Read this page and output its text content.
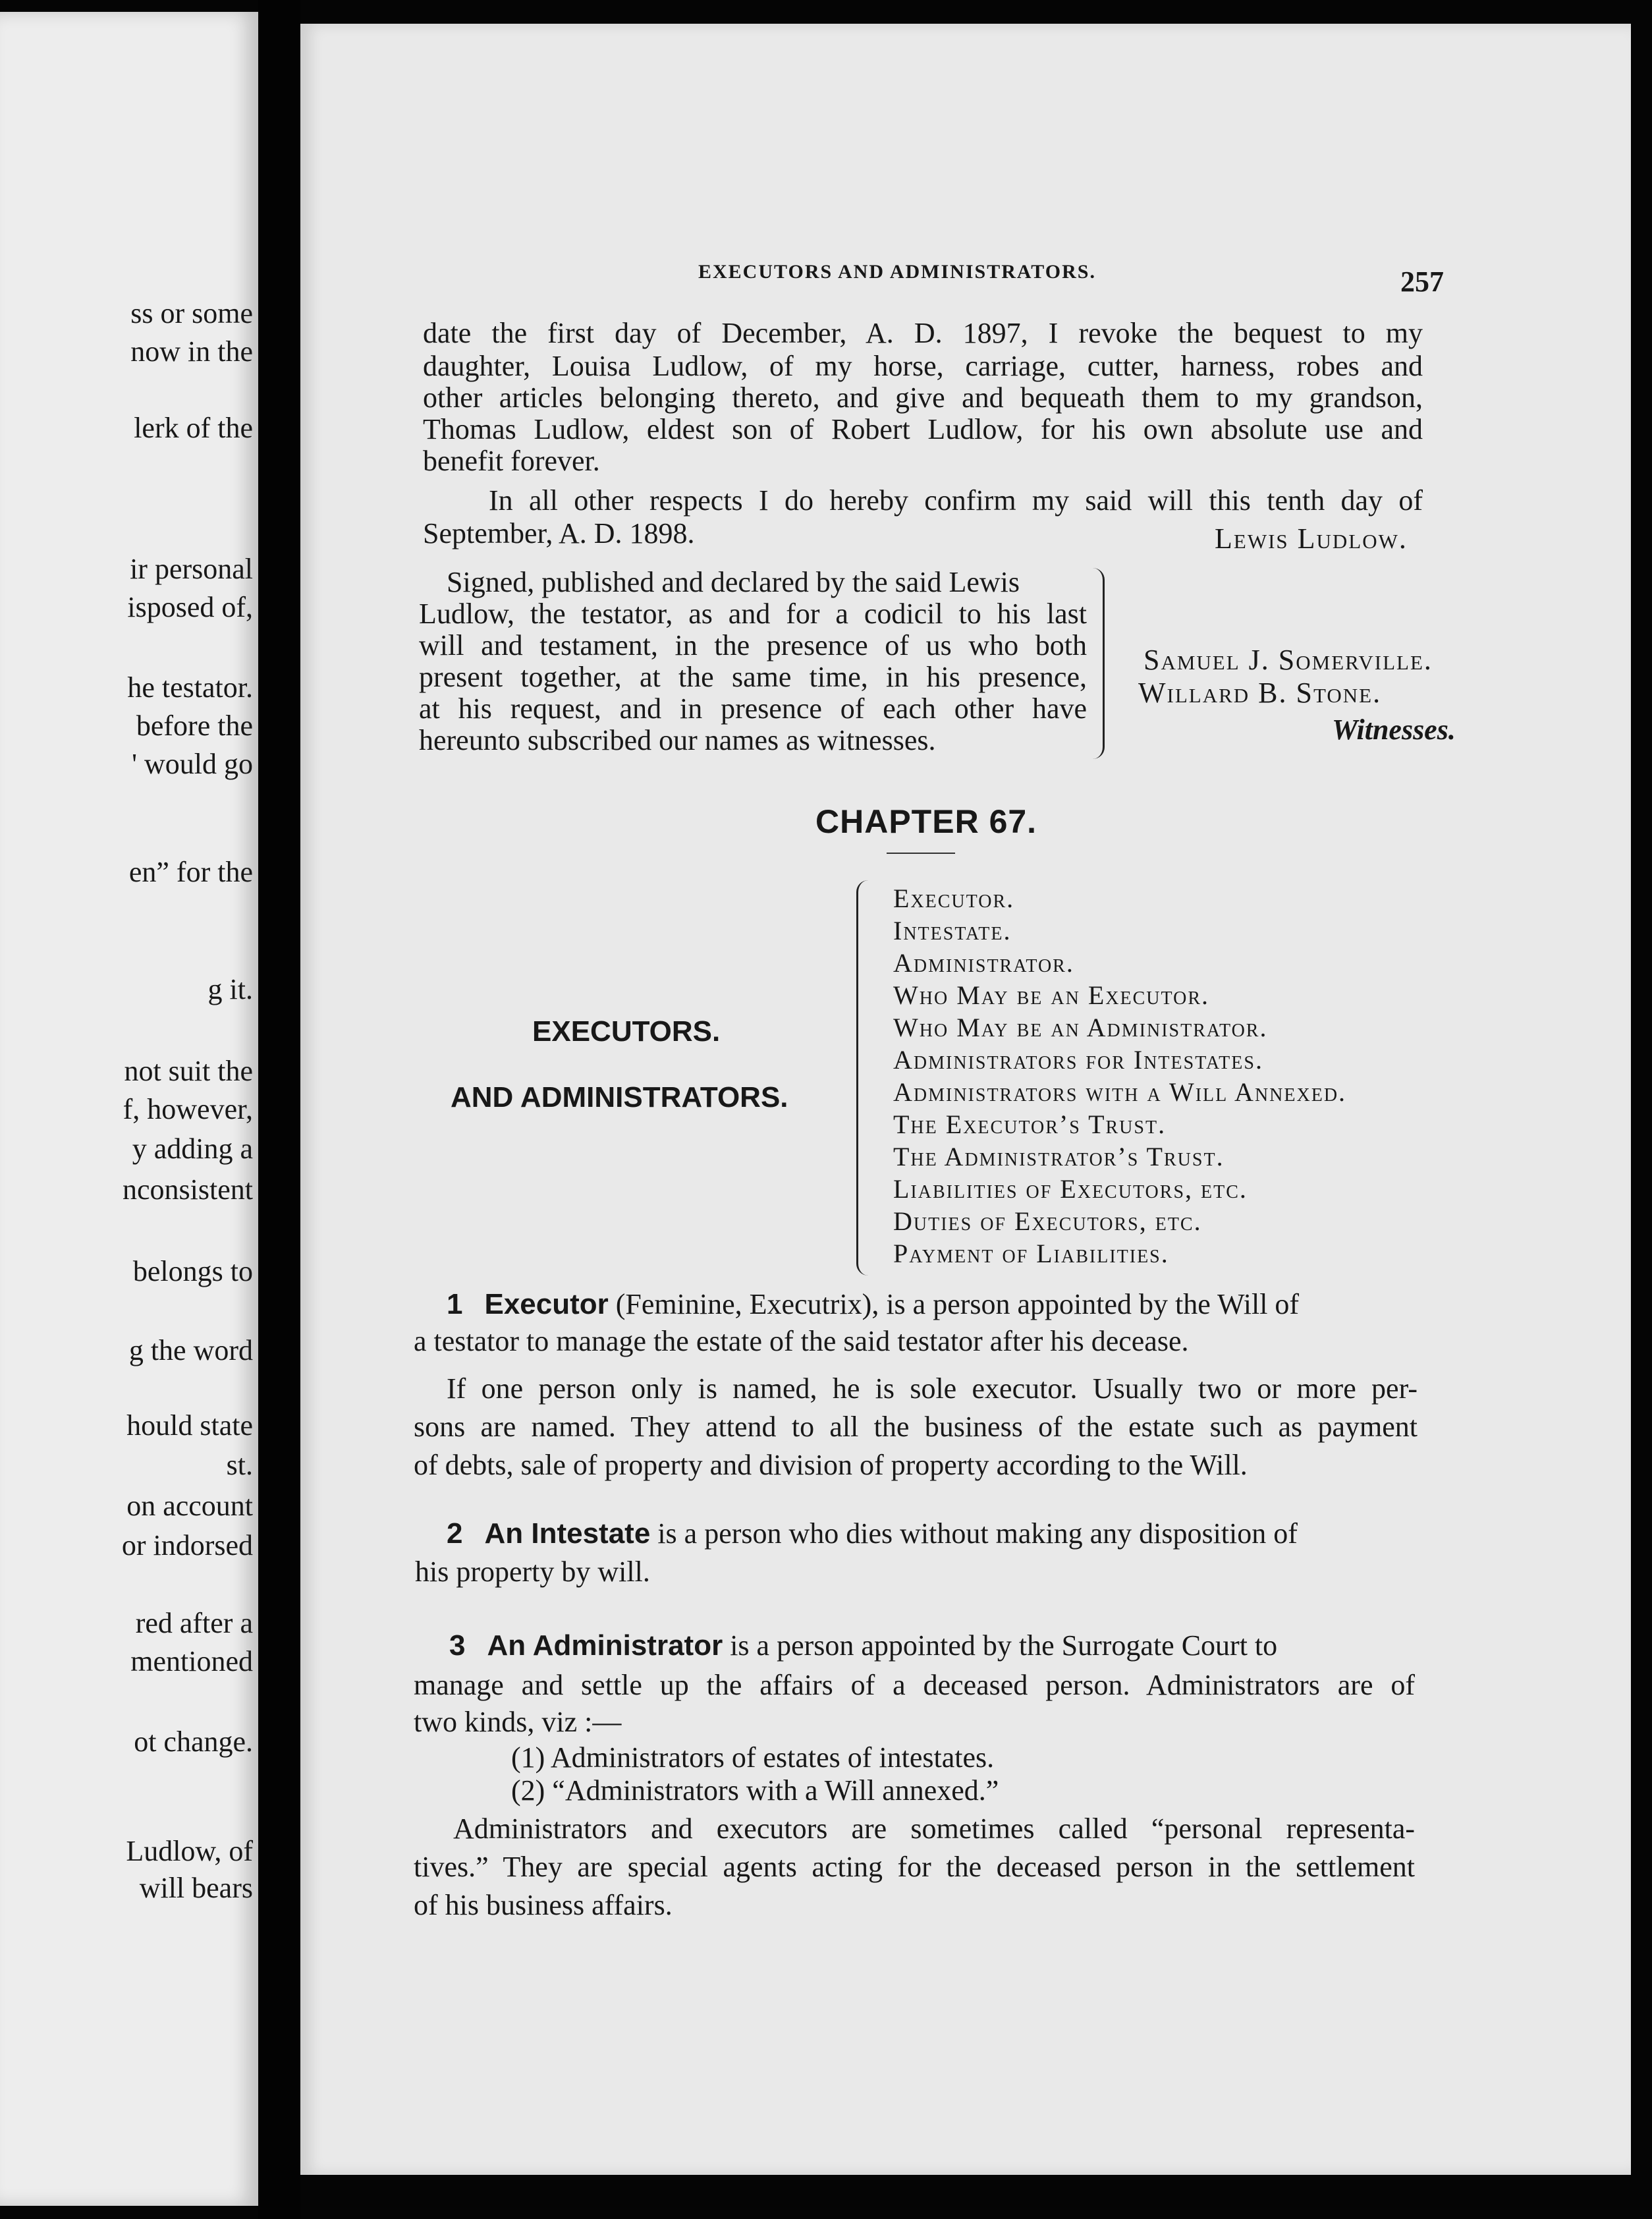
ss or some
now in the
lerk of the
ir personal
isposed of,
he testator.
before the
' would go
en” for the
g it.
not suit the
f, however,
y adding a
nconsistent
belongs to
g the word
hould state
st.
on account
or indorsed
red after a
mentioned
ot change.
Ludlow, of
will bears
EXECUTORS AND ADMINISTRATORS.	257
date the first day of December, A. D. 1897, I revoke the bequest to my
daughter, Louisa Ludlow, of my horse, carriage, cutter, harness, robes and
other articles belonging thereto, and give and bequeath them to my grandson,
Thomas Ludlow, eldest son of Robert Ludlow, for his own absolute use and
benefit forever.
In all other respects I do hereby confirm my said will this tenth day of
September, A. D. 1898.	Lewis Ludlow.
Signed, published and declared by the said Lewis
Ludlow, the testator, as and for a codicil to his last
will and testament, in the presence of us who both
present together, at the same time, in his presence,
at his request, and in presence of each other have
hereunto subscribed our names as witnesses.
Samuel J. Somerville.
Willard B. Stone.
Witnesses.
CHAPTER 67.
EXECUTORS.
AND ADMINISTRATORS.
Executor.
Intestate.
Administrator.
Who May be an Executor.
Who May be an Administrator.
Administrators for Intestates.
Administrators with a Will Annexed.
The Executor’s Trust.
The Administrator’s Trust.
Liabilities of Executors, etc.
Duties of Executors, etc.
Payment of Liabilities.
1 Executor (Feminine, Executrix), is a person appointed by the Will of
a testator to manage the estate of the said testator after his decease.
If one person only is named, he is sole executor. Usually two or more per-
sons are named. They attend to all the business of the estate such as payment
of debts, sale of property and division of property according to the Will.
2 An Intestate is a person who dies without making any disposition of
his property by will.
3 An Administrator is a person appointed by the Surrogate Court to
manage and settle up the affairs of a deceased person. Administrators are of
two kinds, viz :—
(1) Administrators of estates of intestates.
(2) “Administrators with a Will annexed.”
Administrators and executors are sometimes called “personal representa-
tives.” They are special agents acting for the deceased person in the settlement
of his business affairs.
